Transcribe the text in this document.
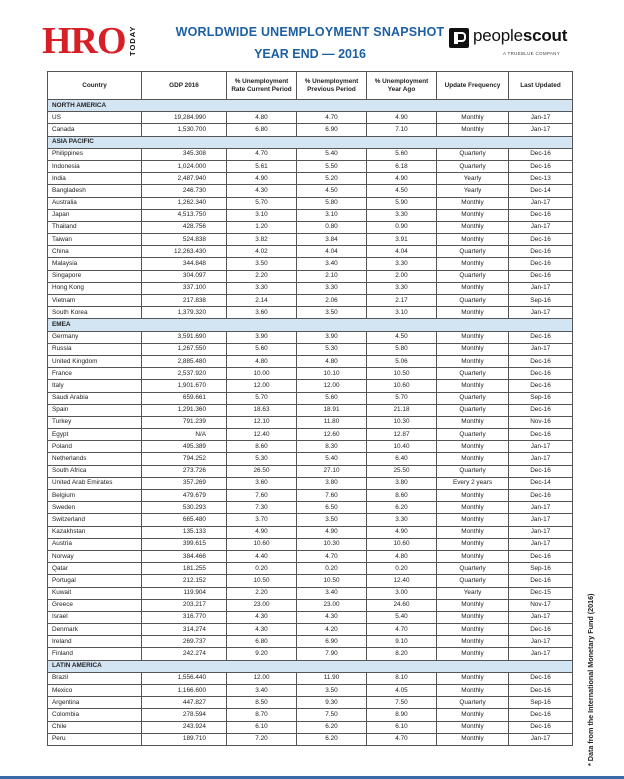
HRO TODAY	WORLDWIDE UNEMPLOYMENT SNAPSHOT
YEAR END — 2016
peoplescout
A TRUEBLUE COMPANY
Country	GDP 2016	% Unemployment Rate Current Period	% Unemployment Previous Period	% Unemployment Year Ago	Update Frequency	Last Updated
NORTH AMERICA						
US	19,284.990	4.80	4.70	4.90	Monthly	Jan-17
Canada	1,530.700	6.80	6.90	7.10	Monthly	Jan-17
ASIA PACIFIC						
Philippines	345.308	4.70	5.40	5.60	Quarterly	Dec-16
Indonesia	1,024.000	5.61	5.50	6.18	Quarterly	Dec-16
India	2,487.940	4.90	5.20	4.90	Yearly	Dec-13
Bangladesh	246.730	4.30	4.50	4.50	Yearly	Dec-14
Australia	1,262.340	5.70	5.80	5.90	Monthly	Jan-17
Japan	4,513.750	3.10	3.10	3.30	Monthly	Dec-16
Thailand	428.756	1.20	0.80	0.90	Monthly	Jan-17
Taiwan	524.838	3.82	3.84	3.91	Monthly	Dec-16
China	12,263.430	4.02	4.04	4.04	Quarterly	Dec-16
Malaysia	344.848	3.50	3.40	3.30	Monthly	Dec-16
Singapore	304.097	2.20	2.10	2.00	Quarterly	Dec-16
Hong Kong	337.100	3.30	3.30	3.30	Monthly	Jan-17
Vietnam	217.838	2.14	2.06	2.17	Quarterly	Sep-16
South Korea	1,379.320	3.60	3.50	3.10	Monthly	Jan-17
EMEA						
Germany	3,591.690	3.90	3.90	4.50	Monthly	Dec-16
Russia	1,267.550	5.60	5.30	5.80	Monthly	Jan-17
United Kingdom	2,885.480	4.80	4.80	5.06	Monthly	Dec-16
France	2,537.920	10.00	10.10	10.50	Quarterly	Dec-16
Italy	1,901.670	12.00	12.00	10.60	Monthly	Dec-16
Saudi Arabia	659.661	5.70	5.60	5.70	Quarterly	Sep-16
Spain	1,291.360	18.63	18.91	21.18	Quarterly	Dec-16
Turkey	791.239	12.10	11.80	10.30	Monthly	Nov-16
Egypt	N/A	12.40	12.60	12.87	Quarterly	Dec-16
Poland	495.389	8.60	8.30	10.40	Monthly	Jan-17
Netherlands	794.252	5.30	5.40	6.40	Monthly	Jan-17
South Africa	273.726	26.50	27.10	25.50	Quarterly	Dec-16
United Arab Emirates	357.269	3.60	3.80	3.80	Every 2 years	Dec-14
Belgium	479.679	7.60	7.60	8.60	Monthly	Dec-16
Sweden	530.293	7.30	6.50	6.20	Monthly	Jan-17
Switzerland	665.480	3.70	3.50	3.30	Monthly	Jan-17
Kazakhstan	135.133	4.90	4.90	4.90	Monthly	Jan-17
Austria	399.615	10.60	10.30	10.60	Monthly	Jan-17
Norway	384.466	4.40	4.70	4.80	Monthly	Dec-16
Qatar	181.255	0.20	0.20	0.20	Quarterly	Sep-16
Portugal	212.152	10.50	10.50	12.40	Quarterly	Dec-16
Kuwait	119.904	2.20	3.40	3.00	Yearly	Dec-15
Greece	203.217	23.00	23.00	24.60	Monthly	Nov-17
Israel	316.770	4.30	4.30	5.40	Monthly	Jan-17
Denmark	314.274	4.30	4.20	4.70	Monthly	Dec-16
Ireland	269.737	6.80	6.90	9.10	Monthly	Jan-17
Finland	242.274	9.20	7.90	8.20	Monthly	Jan-17
LATIN AMERICA						
Brazil	1,556.440	12.00	11.90	8.10	Monthly	Dec-16
Mexico	1,166.600	3.40	3.50	4.05	Monthly	Dec-16
Argentina	447.827	8.50	9.30	7.50	Quarterly	Sep-16
Colombia	278.594	8.70	7.50	8.90	Monthly	Dec-16
Chile	243.924	6.10	6.20	6.10	Monthly	Dec-16
Peru	189.710	7.20	6.20	4.70	Monthly	Jan-17	* Data from the International Monetary Fund (2016)
